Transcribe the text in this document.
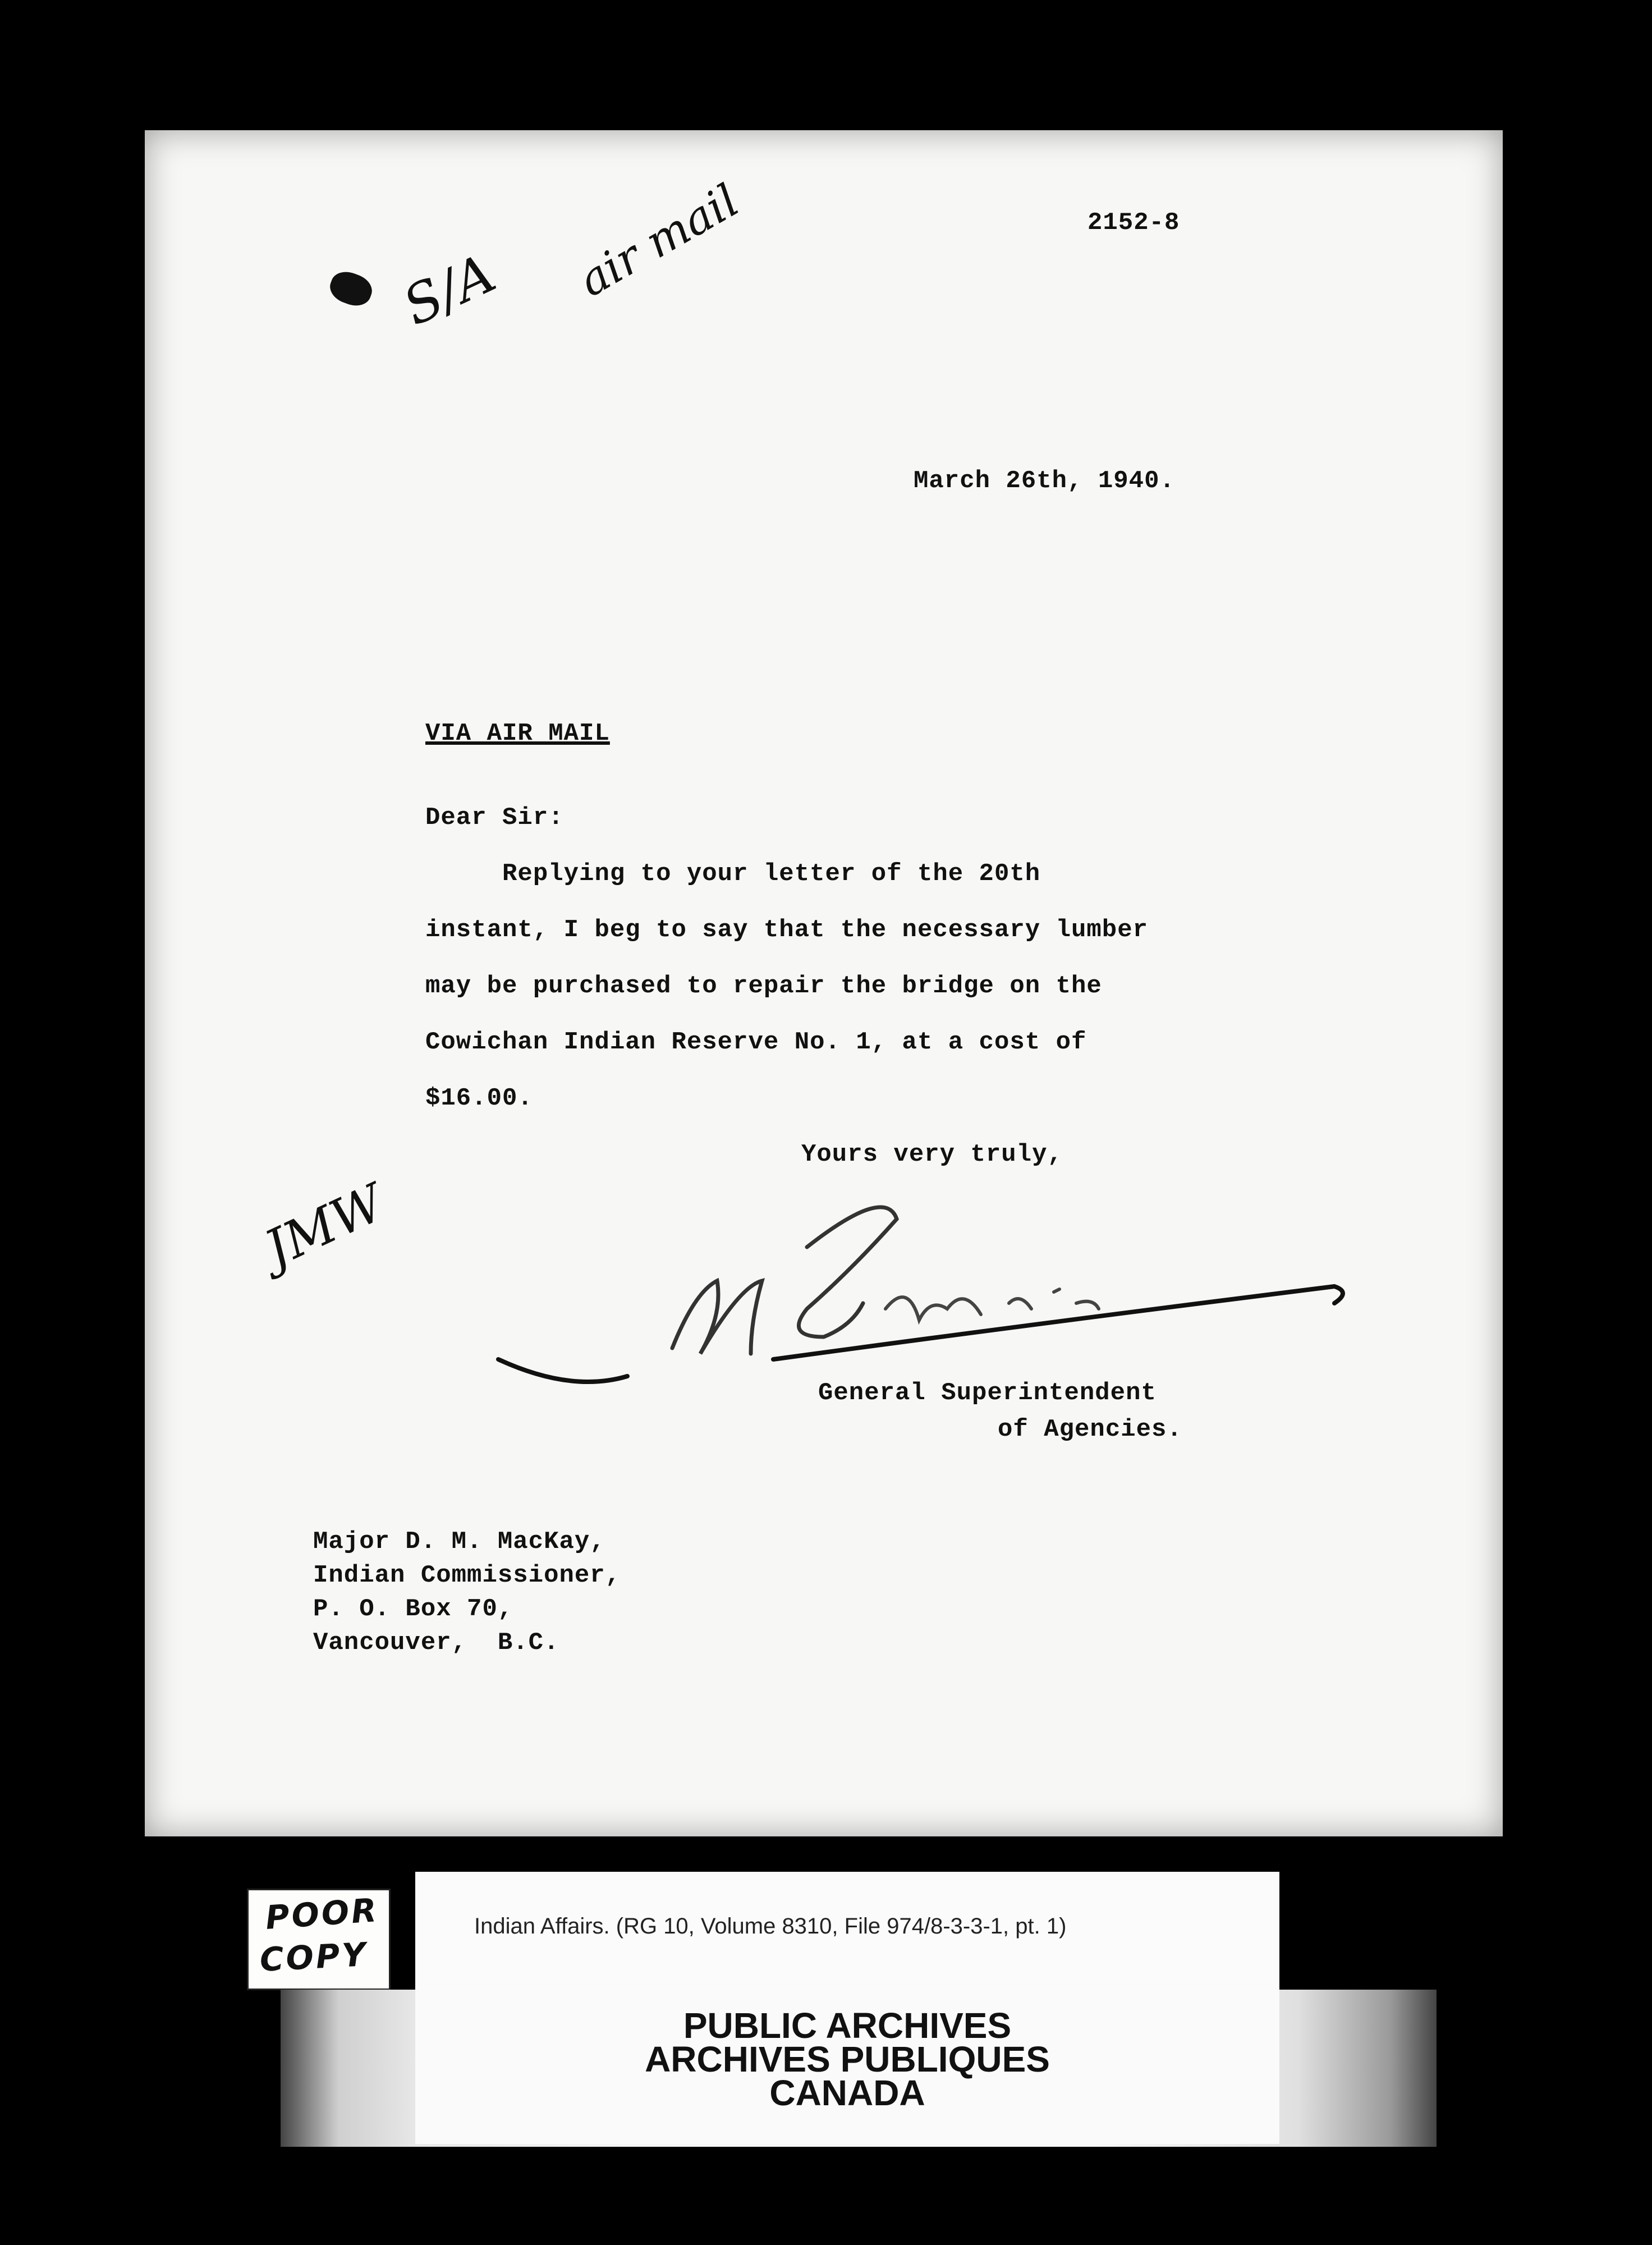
2152-8
S/A air mail
March 26th, 1940.
VIA AIR MAIL
Dear Sir:
Replying to your letter of the 20th
instant, I beg to say that the necessary lumber
may be purchased to repair the bridge on the
Cowichan Indian Reserve No. 1, at a cost of
$16.00.
Yours very truly,
JMW
General Superintendent
of Agencies.
Major D. M. MacKay,
Indian Commissioner,
P. O. Box 70,
Vancouver,  B.C.
POOR
COPY
Indian Affairs. (RG 10, Volume 8310, File 974/8-3-3-1, pt. 1)
PUBLIC ARCHIVES
ARCHIVES PUBLIQUES
CANADA
